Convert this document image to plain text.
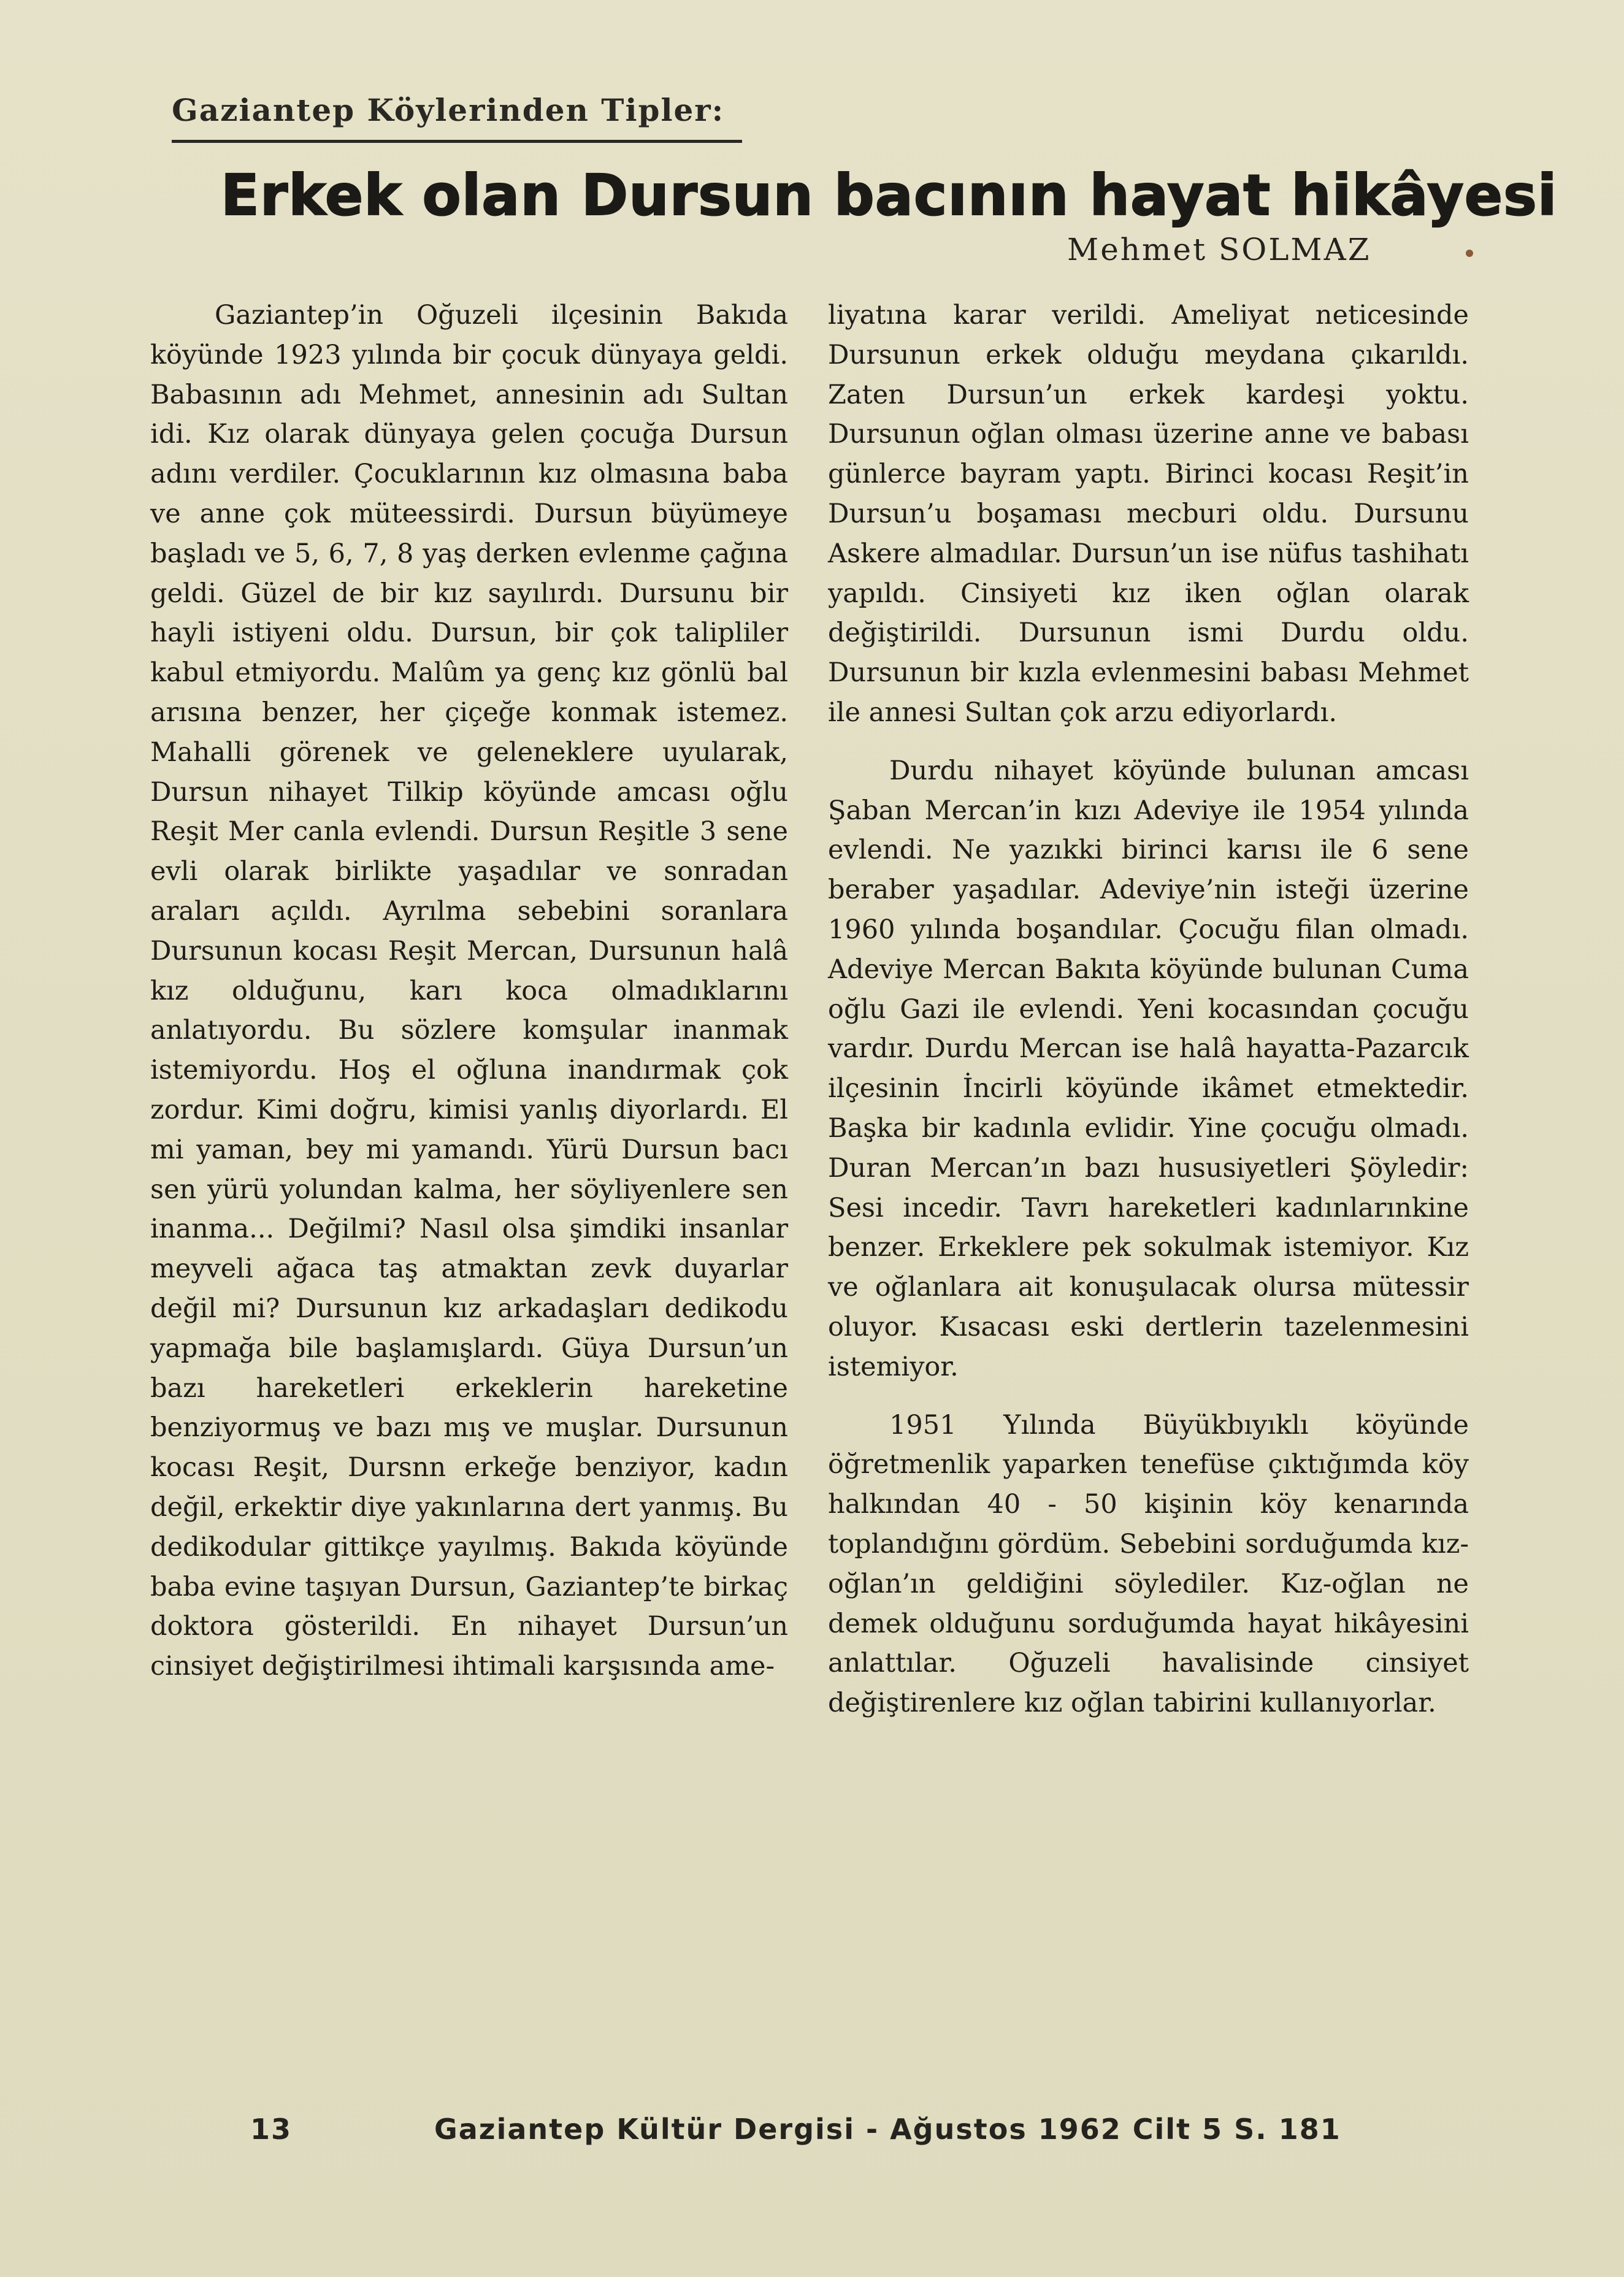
Gaziantep Köylerinden Tipler:
Erkek olan Dursun bacının hayat hikâyesi
Mehmet SOLMAZ

Gaziantep’in Oğuzeli ilçesinin Bakıda köyünde 1923 yılında bir çocuk dünyaya geldi. Babasının adı Mehmet, annesinin adı Sultan idi. Kız olarak dünyaya gelen çocuğa Dursun adını verdiler. Çocuklarının kız olmasına baba ve anne çok müteessirdi. Dursun büyümeye başladı ve 5, 6, 7, 8 yaş derken evlenme çağına geldi. Güzel de bir kız sayılırdı. Dursunu bir hayli istiyeni oldu. Dursun, bir çok talipliler kabul etmiyordu. Malûm ya genç kız gönlü bal arısına benzer, her çiçeğe konmak istemez. Mahalli görenek ve geleneklere uyularak, Dursun nihayet Tilkip köyünde amcası oğlu Reşit Mer canla evlendi. Dursun Reşitle 3 sene evli olarak birlikte yaşadılar ve sonradan araları açıldı. Ayrılma sebebini soranlara Dursunun kocası Reşit Mercan, Dursunun halâ kız olduğunu, karı koca olmadıklarını anlatıyordu. Bu sözlere komşular inanmak istemiyordu. Hoş el oğluna inandırmak çok zordur. Kimi doğru, kimisi yanlış diyorlardı. El mi yaman, bey mi yamandı. Yürü Dursun bacı sen yürü yolundan kalma, her söyliyenlere sen inanma... Değilmi? Nasıl olsa şimdiki insanlar meyveli ağaca taş atmaktan zevk duyarlar değil mi? Dursunun kız arkadaşları dedikodu yapmağa bile başlamışlardı. Güya Dursun’un bazı hareketleri erkeklerin hareketine benziyormuş ve bazı mış ve muşlar. Dursunun kocası Reşit, Dursnn erkeğe benziyor, kadın değil, erkektir diye yakınlarına dert yanmış. Bu dedikodular gittikçe yayılmış. Bakıda köyünde baba evine taşıyan Dursun, Gaziantep’te birkaç doktora gösterildi. En nihayet Dursun’un cinsiyet değiştirilmesi ihtimali karşısında ame-

liyatına karar verildi. Ameliyat neticesinde Dursunun erkek olduğu meydana çıkarıldı. Zaten Dursun’un erkek kardeşi yoktu. Dursunun oğlan olması üzerine anne ve babası günlerce bayram yaptı. Birinci kocası Reşit’in Dursun’u boşaması mecburi oldu. Dursunu Askere almadılar. Dursun’un ise nüfus tashihatı yapıldı. Cinsiyeti kız iken oğlan olarak değiştirildi. Dursunun ismi Durdu oldu. Dursunun bir kızla evlenmesini babası Mehmet ile annesi Sultan çok arzu ediyorlardı.

Durdu nihayet köyünde bulunan amcası Şaban Mercan’in kızı Adeviye ile 1954 yılında evlendi. Ne yazıkki birinci karısı ile 6 sene beraber yaşadılar. Adeviye’nin isteği üzerine 1960 yılında boşandılar. Çocuğu filan olmadı. Adeviye Mercan Bakıta köyünde bulunan Cuma oğlu Gazi ile evlendi. Yeni kocasından çocuğu vardır. Durdu Mercan ise halâ hayatta-Pazarcık ilçesinin İncirli köyünde ikâmet etmektedir. Başka bir kadınla evlidir. Yine çocuğu olmadı. Duran Mercan’ın bazı hususiyetleri Şöyledir: Sesi incedir. Tavrı hareketleri kadınlarınkine benzer. Erkeklere pek sokulmak istemiyor. Kız ve oğlanlara ait konuşulacak olursa mütessir oluyor. Kısacası eski dertlerin tazelenmesini istemiyor.

1951 Yılında Büyükbıyıklı köyünde öğretmenlik yaparken tenefüse çıktığımda köy halkından 40 - 50 kişinin köy kenarında toplandığını gördüm. Sebebini sorduğumda kız-oğlan’ın geldiğini söylediler. Kız-oğlan ne demek olduğunu sorduğumda hayat hikâyesini anlattılar. Oğuzeli havalisinde cinsiyet değiştirenlere kız oğlan tabirini kullanıyorlar.

13	Gaziantep Kültür Dergisi - Ağustos 1962 Cilt 5 S. 181
